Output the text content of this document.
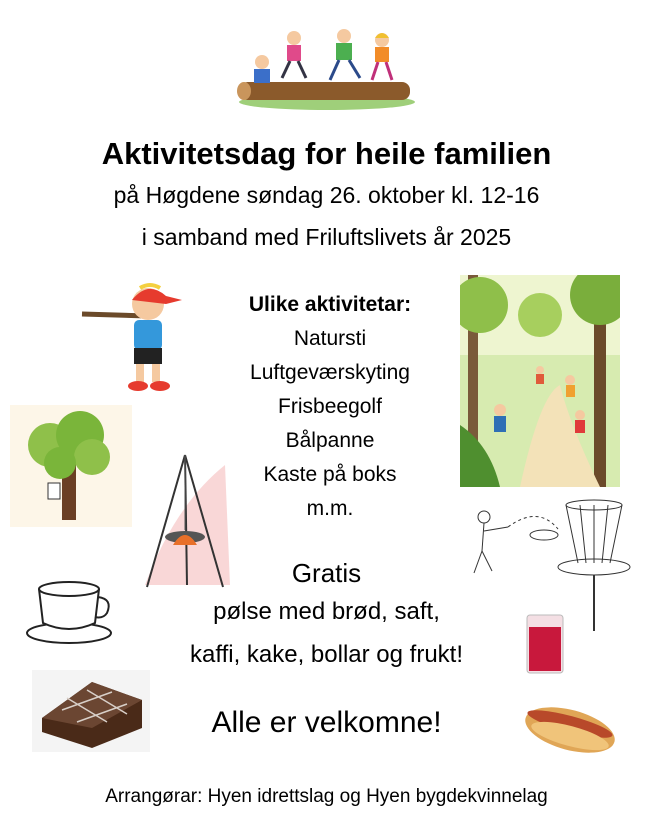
Aktivitetsdag for heile familien
på Høgdene søndag 26. oktober kl. 12-16
i samband med Friluftslivets år 2025
Ulike aktivitetar:
Natursti
Luftgeværskyting
Frisbeegolf
Bålpanne
Kaste på boks
m.m.
Gratis
pølse med brød, saft,
kaffi, kake, bollar og frukt!
Alle er velkomne!
Arrangørar: Hyen idrettslag og Hyen bygdekvinnelag
